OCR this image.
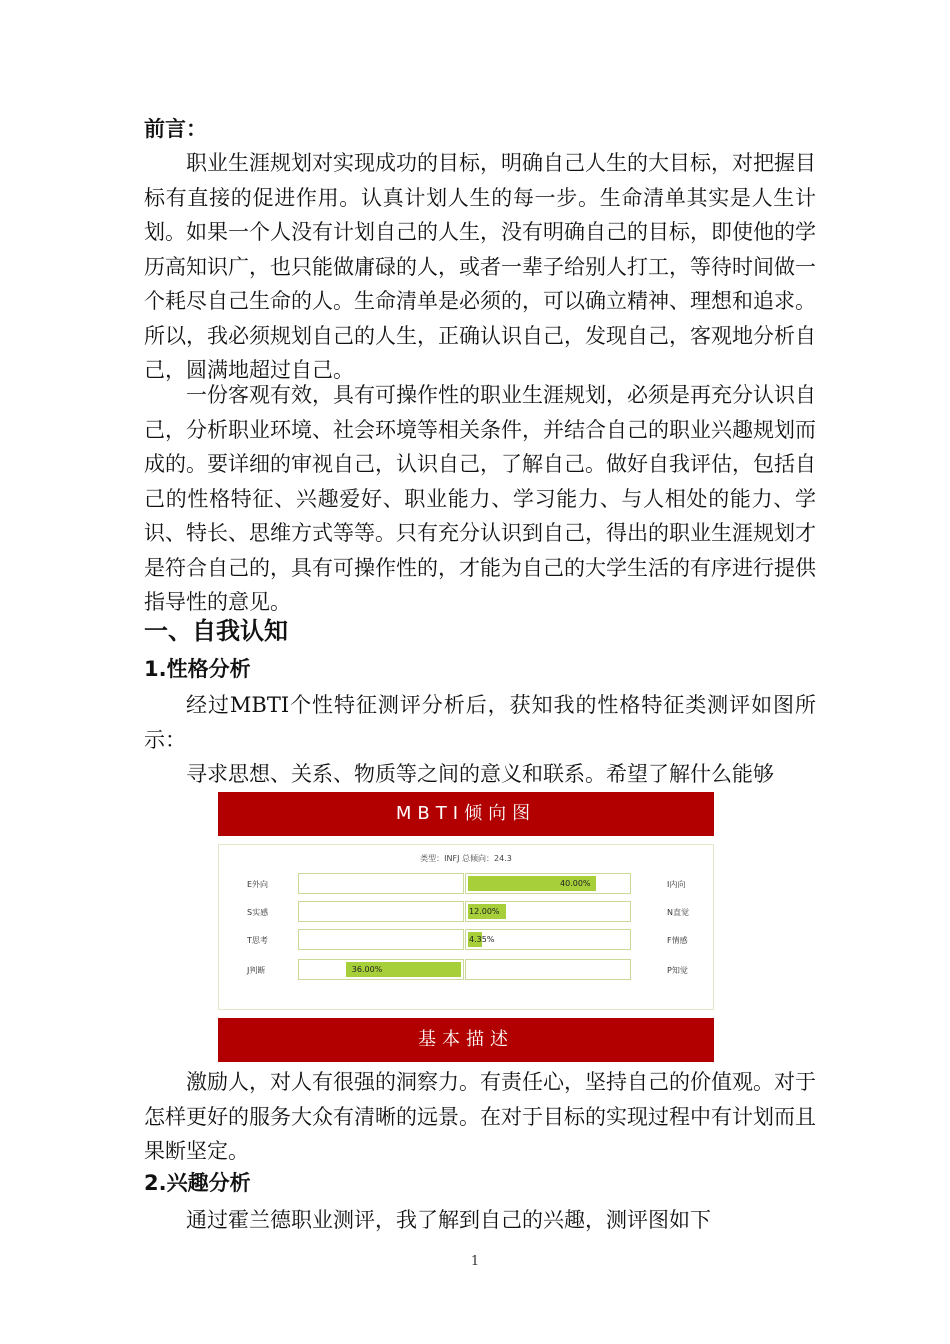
前言：

职业生涯规划对实现成功的目标，明确自己人生的大目标，对把握目标有直接的促进作用。认真计划人生的每一步。生命清单其实是人生计划。如果一个人没有计划自己的人生，没有明确自己的目标，即使他的学历高知识广，也只能做庸碌的人，或者一辈子给别人打工，等待时间做一个耗尽自己生命的人。生命清单是必须的，可以确立精神、理想和追求。所以，我必须规划自己的人生，正确认识自己，发现自己，客观地分析自己，圆满地超过自己。

一份客观有效，具有可操作性的职业生涯规划，必须是再充分认识自己，分析职业环境、社会环境等相关条件，并结合自己的职业兴趣规划而成的。要详细的审视自己，认识自己，了解自己。做好自我评估，包括自己的性格特征、兴趣爱好、职业能力、学习能力、与人相处的能力、学识、特长、思维方式等等。只有充分认识到自己，得出的职业生涯规划才是符合自己的，具有可操作性的，才能为自己的大学生活的有序进行提供指导性的意见。

一、自我认知
1.性格分析

经过MBTI个性特征测评分析后，获知我的性格特征类测评如图所示：

寻求思想、关系、物质等之间的意义和联系。希望了解什么能够

MBTI倾向图
类型：INFJ 总倾向：24.3
E外向	40.00%	I内向
S实感	12.00%	N直觉
T思考	4.35%	F情感
J判断	36.00%	P知觉
基本描述

激励人，对人有很强的洞察力。有责任心，坚持自己的价值观。对于怎样更好的服务大众有清晰的远景。在对于目标的实现过程中有计划而且果断坚定。

2.兴趣分析

通过霍兰德职业测评，我了解到自己的兴趣，测评图如下

1
